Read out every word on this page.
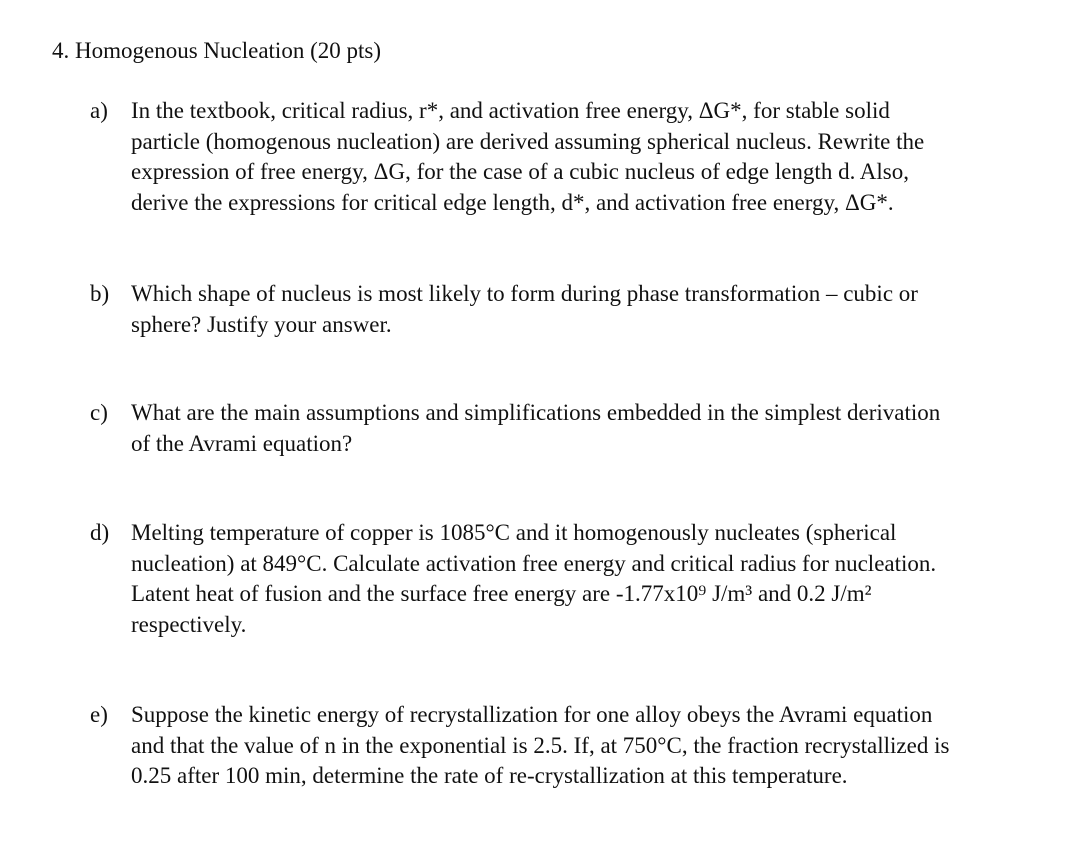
4. Homogenous Nucleation (20 pts)
a) In the textbook, critical radius, r*, and activation free energy, ΔG*, for stable solid
particle (homogenous nucleation) are derived assuming spherical nucleus. Rewrite the
expression of free energy, ΔG, for the case of a cubic nucleus of edge length d. Also,
derive the expressions for critical edge length, d*, and activation free energy, ΔG*.
b) Which shape of nucleus is most likely to form during phase transformation – cubic or
sphere? Justify your answer.
c) What are the main assumptions and simplifications embedded in the simplest derivation
of the Avrami equation?
d) Melting temperature of copper is 1085°C and it homogenously nucleates (spherical
nucleation) at 849°C. Calculate activation free energy and critical radius for nucleation.
Latent heat of fusion and the surface free energy are -1.77x10⁹ J/m³ and 0.2 J/m²
respectively.
e) Suppose the kinetic energy of recrystallization for one alloy obeys the Avrami equation
and that the value of n in the exponential is 2.5. If, at 750°C, the fraction recrystallized is
0.25 after 100 min, determine the rate of re-crystallization at this temperature.
